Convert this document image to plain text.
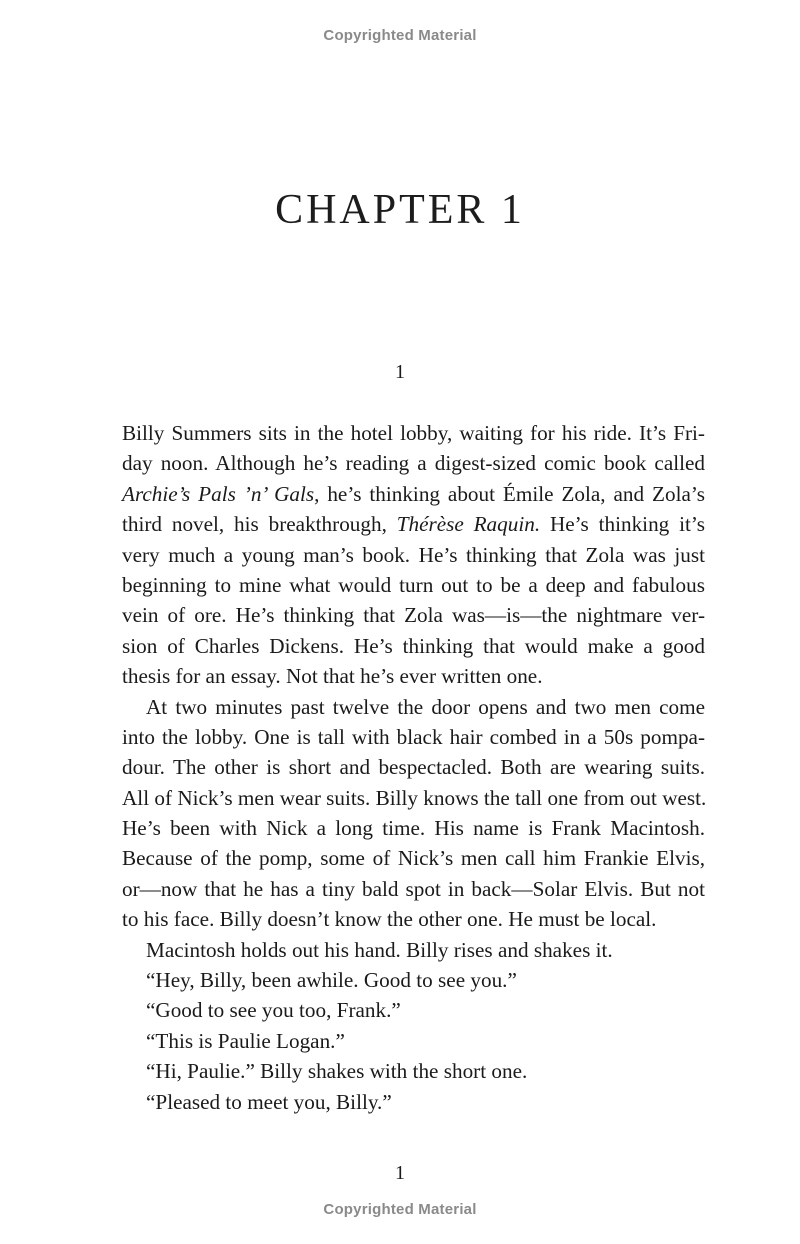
Copyrighted Material
CHAPTER 1
1
Billy Summers sits in the hotel lobby, waiting for his ride. It’s Fri-
day noon. Although he’s reading a digest-sized comic book called
Archie’s Pals ’n’ Gals, he’s thinking about Émile Zola, and Zola’s
third novel, his breakthrough, Thérèse Raquin. He’s thinking it’s
very much a young man’s book. He’s thinking that Zola was just
beginning to mine what would turn out to be a deep and fabulous
vein of ore. He’s thinking that Zola was—is—the nightmare ver-
sion of Charles Dickens. He’s thinking that would make a good
thesis for an essay. Not that he’s ever written one.
At two minutes past twelve the door opens and two men come
into the lobby. One is tall with black hair combed in a 50s pompa-
dour. The other is short and bespectacled. Both are wearing suits.
All of Nick’s men wear suits. Billy knows the tall one from out west.
He’s been with Nick a long time. His name is Frank Macintosh.
Because of the pomp, some of Nick’s men call him Frankie Elvis,
or—now that he has a tiny bald spot in back—Solar Elvis. But not
to his face. Billy doesn’t know the other one. He must be local.
Macintosh holds out his hand. Billy rises and shakes it.
“Hey, Billy, been awhile. Good to see you.”
“Good to see you too, Frank.”
“This is Paulie Logan.”
“Hi, Paulie.” Billy shakes with the short one.
“Pleased to meet you, Billy.”
1
Copyrighted Material
